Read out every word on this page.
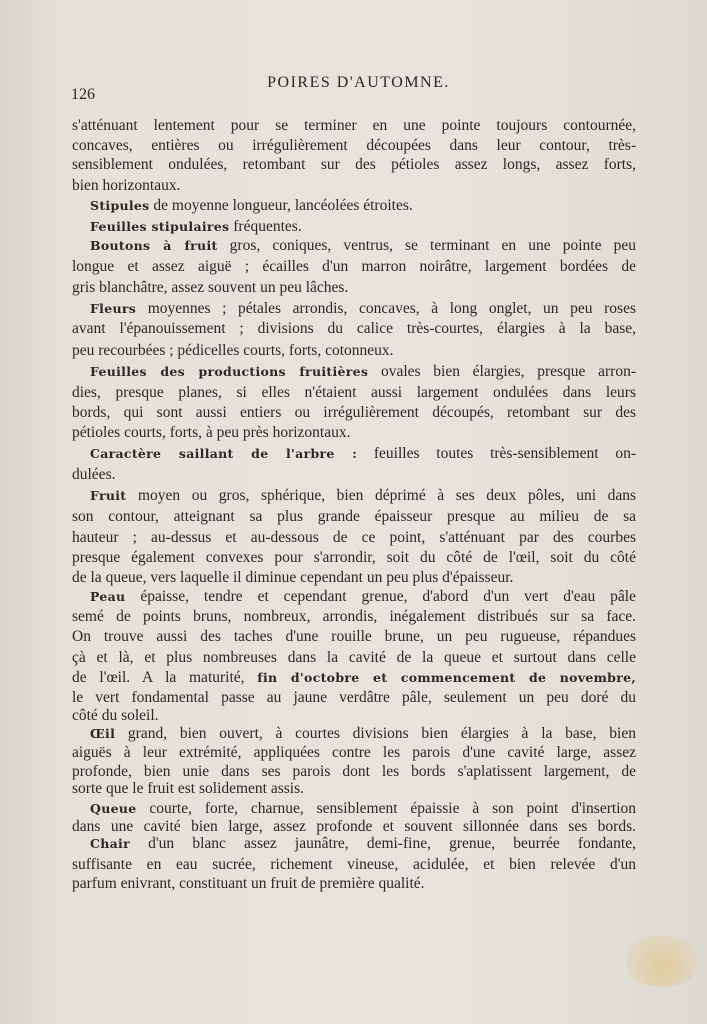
126
POIRES D'AUTOMNE.
s'atténuant lentement pour se terminer en une pointe toujours contournée,
concaves, entières ou irrégulièrement découpées dans leur contour, très-
sensiblement ondulées, retombant sur des pétioles assez longs, assez forts,
bien horizontaux.
Stipules de moyenne longueur, lancéolées étroites.
Feuilles stipulaires fréquentes.
Boutons à fruit gros, coniques, ventrus, se terminant en une pointe peu
longue et assez aiguë ; écailles d'un marron noirâtre, largement bordées de
gris blanchâtre, assez souvent un peu lâches.
Fleurs moyennes ; pétales arrondis, concaves, à long onglet, un peu roses
avant l'épanouissement ; divisions du calice très-courtes, élargies à la base,
peu recourbées ; pédicelles courts, forts, cotonneux.
Feuilles des productions fruitières ovales bien élargies, presque arron-
dies, presque planes, si elles n'étaient aussi largement ondulées dans leurs
bords, qui sont aussi entiers ou irrégulièrement découpés, retombant sur des
pétioles courts, forts, à peu près horizontaux.
Caractère saillant de l'arbre : feuilles toutes très-sensiblement on-
dulées.
Fruit moyen ou gros, sphérique, bien déprimé à ses deux pôles, uni dans
son contour, atteignant sa plus grande épaisseur presque au milieu de sa
hauteur ; au-dessus et au-dessous de ce point, s'atténuant par des courbes
presque également convexes pour s'arrondir, soit du côté de l'œil, soit du côté
de la queue, vers laquelle il diminue cependant un peu plus d'épaisseur.
Peau épaisse, tendre et cependant grenue, d'abord d'un vert d'eau pâle
semé de points bruns, nombreux, arrondis, inégalement distribués sur sa face.
On trouve aussi des taches d'une rouille brune, un peu rugueuse, répandues
çà et là, et plus nombreuses dans la cavité de la queue et surtout dans celle
de l'œil. A la maturité, fin d'octobre et commencement de novembre,
le vert fondamental passe au jaune verdâtre pâle, seulement un peu doré du
côté du soleil.
Œil grand, bien ouvert, à courtes divisions bien élargies à la base, bien
aiguës à leur extrémité, appliquées contre les parois d'une cavité large, assez
profonde, bien unie dans ses parois dont les bords s'aplatissent largement, de
sorte que le fruit est solidement assis.
Queue courte, forte, charnue, sensiblement épaissie à son point d'insertion
dans une cavité bien large, assez profonde et souvent sillonnée dans ses bords.
Chair d'un blanc assez jaunâtre, demi-fine, grenue, beurrée fondante,
suffisante en eau sucrée, richement vineuse, acidulée, et bien relevée d'un
parfum enivrant, constituant un fruit de première qualité.
